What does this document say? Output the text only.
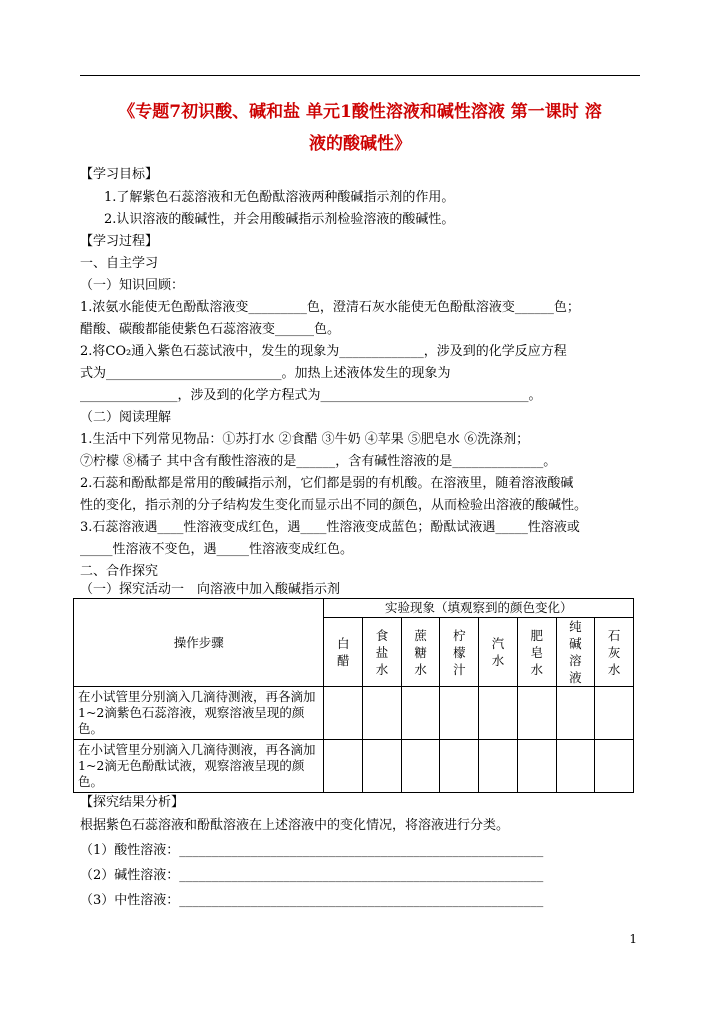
《专题7初识酸、碱和盐 单元1酸性溶液和碱性溶液 第一课时 溶
液的酸碱性》
【学习目标】
1.了解紫色石蕊溶液和无色酚酞溶液两种酸碱指示剂的作用。
2.认识溶液的酸碱性，并会用酸碱指示剂检验溶液的酸碱性。
【学习过程】
一、自主学习
（一）知识回顾：
1.浓氨水能使无色酚酞溶液变_________色，澄清石灰水能使无色酚酞溶液变______色；
醋酸、碳酸都能使紫色石蕊溶液变______色。
2.将CO₂通入紫色石蕊试液中，发生的现象为_____________，涉及到的化学反应方程
式为___________________________。加热上述液体发生的现象为
_______________，涉及到的化学方程式为________________________________。
（二）阅读理解
1.生活中下列常见物品：①苏打水 ②食醋 ③牛奶 ④苹果 ⑤肥皂水 ⑥洗涤剂；
⑦柠檬 ⑧橘子 其中含有酸性溶液的是______，含有碱性溶液的是______________。
2.石蕊和酚酞都是常用的酸碱指示剂，它们都是弱的有机酸。在溶液里，随着溶液酸碱
性的变化，指示剂的分子结构发生变化而显示出不同的颜色，从而检验出溶液的酸碱性。
3.石蕊溶液遇____性溶液变成红色，遇____性溶液变成蓝色；酚酞试液遇_____性溶液或
_____性溶液不变色，遇_____性溶液变成红色。
二、合作探究
（一）探究活动一　向溶液中加入酸碱指示剂
操作步骤	实验现象（填观察到的颜色变化）							

	白醋	食盐水	蔗糖水	柠檬汁	汽水	肥皂水	纯碱溶液	石灰水

在小试管里分别滴入几滴待测液，再各滴加1~2滴紫色石蕊溶液，观察溶液呈现的颜色。								
在小试管里分别滴入几滴待测液，再各滴加1~2滴无色酚酞试液，观察溶液呈现的颜色。								
【探究结果分析】
根据紫色石蕊溶液和酚酞溶液在上述溶液中的变化情况，将溶液进行分类。
（1）酸性溶液：________________________________________________________
（2）碱性溶液：________________________________________________________
（3）中性溶液：________________________________________________________
1
